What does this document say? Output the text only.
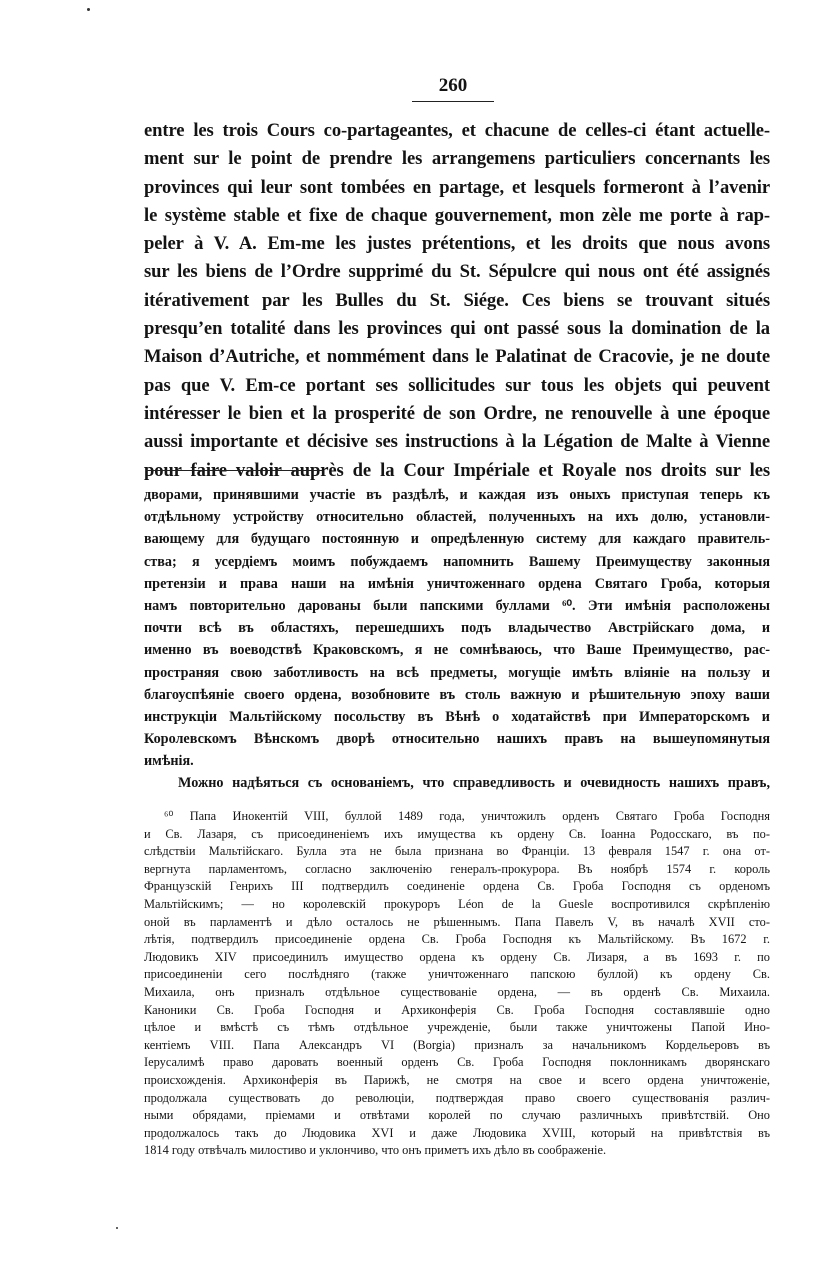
260
entre les trois Cours co-partageantes, et chacune de celles-ci étant actuelle-
ment sur le point de prendre les arrangemens particuliers concernants les
provinces qui leur sont tombées en partage, et lesquels formeront à l’avenir
le système stable et fixe de chaque gouvernement, mon zèle me porte à rap-
peler à V. A. Em-me les justes prétentions, et les droits que nous avons
sur les biens de l’Ordre supprimé du St. Sépulcre qui nous ont été assignés
itérativement par les Bulles du St. Siége. Ces biens se trouvant situés
presqu’en totalité dans les provinces qui ont passé sous la domination de la
Maison d’Autriche, et nommément dans le Palatinat de Cracovie, je ne doute
pas que V. Em-ce portant ses sollicitudes sur tous les objets qui peuvent
intéresser le bien et la prosperité de son Ordre, ne renouvelle à une époque
aussi importante et décisive ses instructions à la Légation de Malte à Vienne
pour faire valoir auprès de la Cour Impériale et Royale nos droits sur les
дворами, принявшими участіе въ раздѣлѣ, и каждая изъ оныхъ приступая теперь къ
отдѣльному устройству относительно областей, полученныхъ на ихъ долю, установли-
вающему для будущаго постоянную и опредѣленную систему для каждаго правитель-
ства; я усердіемъ моимъ побуждаемъ напомнить Вашему Преимуществу законныя
претензіи и права наши на имѣнія уничтоженнаго ордена Святаго Гроба, которыя
намъ повторительно дарованы были папскими буллами ⁶⁰. Эти имѣнія расположены
почти всѣ въ областяхъ, перешедшихъ подъ владычество Австрійскаго дома, и
именно въ воеводствѣ Краковскомъ, я не сомнѣваюсь, что Ваше Преимущество, рас-
пространяя свою заботливость на всѣ предметы, могущіе имѣть вліяніе на пользу и
благоуспѣяніе своего ордена, возобновите въ столь важную и рѣшительную эпоху ваши
инструкціи Мальтійскому посольству въ Вѣнѣ о ходатайствѣ при Императорскомъ и
Королевскомъ Вѣнскомъ дворѣ относительно нашихъ правъ на вышеупомянутыя
имѣнія.
Можно надѣяться съ основаніемъ, что справедливость и очевидность нашихъ правъ,
⁶⁰ Папа Инокентій VIII, буллой 1489 года, уничтожилъ орденъ Святаго Гроба Господня
и Св. Лазаря, съ присоединеніемъ ихъ имущества къ ордену Св. Іоанна Родосскаго, въ по-
слѣдствіи Мальтійскаго. Булла эта не была признана во Франціи. 13 февраля 1547 г. она от-
вергнута парламентомъ, согласно заключенію генералъ-прокурора. Въ ноябрѣ 1574 г. король
Французскій Генрихъ III подтвердилъ соединеніе ордена Св. Гроба Господня съ орденомъ
Мальтійскимъ; — но королевскій прокуроръ Léon de la Guesle воспротивился скрѣпленію
оной въ парламентѣ и дѣло осталось не рѣшеннымъ. Папа Павелъ V, въ началѣ XVII сто-
лѣтія, подтвердилъ присоединеніе ордена Св. Гроба Господня къ Мальтійскому. Въ 1672 г.
Людовикъ XIV присоединилъ имущество ордена къ ордену Св. Лизаря, а въ 1693 г. по
присоединеніи сего послѣдняго (также уничтоженнаго папскою буллой) къ ордену Св.
Михаила, онъ призналъ отдѣльное существованіе ордена, — въ орденѣ Св. Михаила.
Каноники Св. Гроба Господня и Архиконферія Св. Гроба Господня составлявшіе одно
цѣлое и вмѣстѣ съ тѣмъ отдѣльное учрежденіе, были также уничтожены Папой Ино-
кентіемъ VIII. Папа Александръ VI (Borgia) призналъ за начальникомъ Кордельеровъ въ
Іерусалимѣ право даровать военный орденъ Св. Гроба Господня поклонникамъ дворянскаго
происхожденія. Архиконферія въ Парижѣ, не смотря на свое и всего ордена уничтоженіе,
продолжала существовать до революціи, подтверждая право своего существованія различ-
ными обрядами, пріемами и отвѣтами королей по случаю различныхъ привѣтствій. Оно
продолжалось такъ до Людовика XVI и даже Людовика XVIII, который на привѣтствія въ
1814 году отвѣчалъ милостиво и уклончиво, что онъ приметъ ихъ дѣло въ соображеніе.
